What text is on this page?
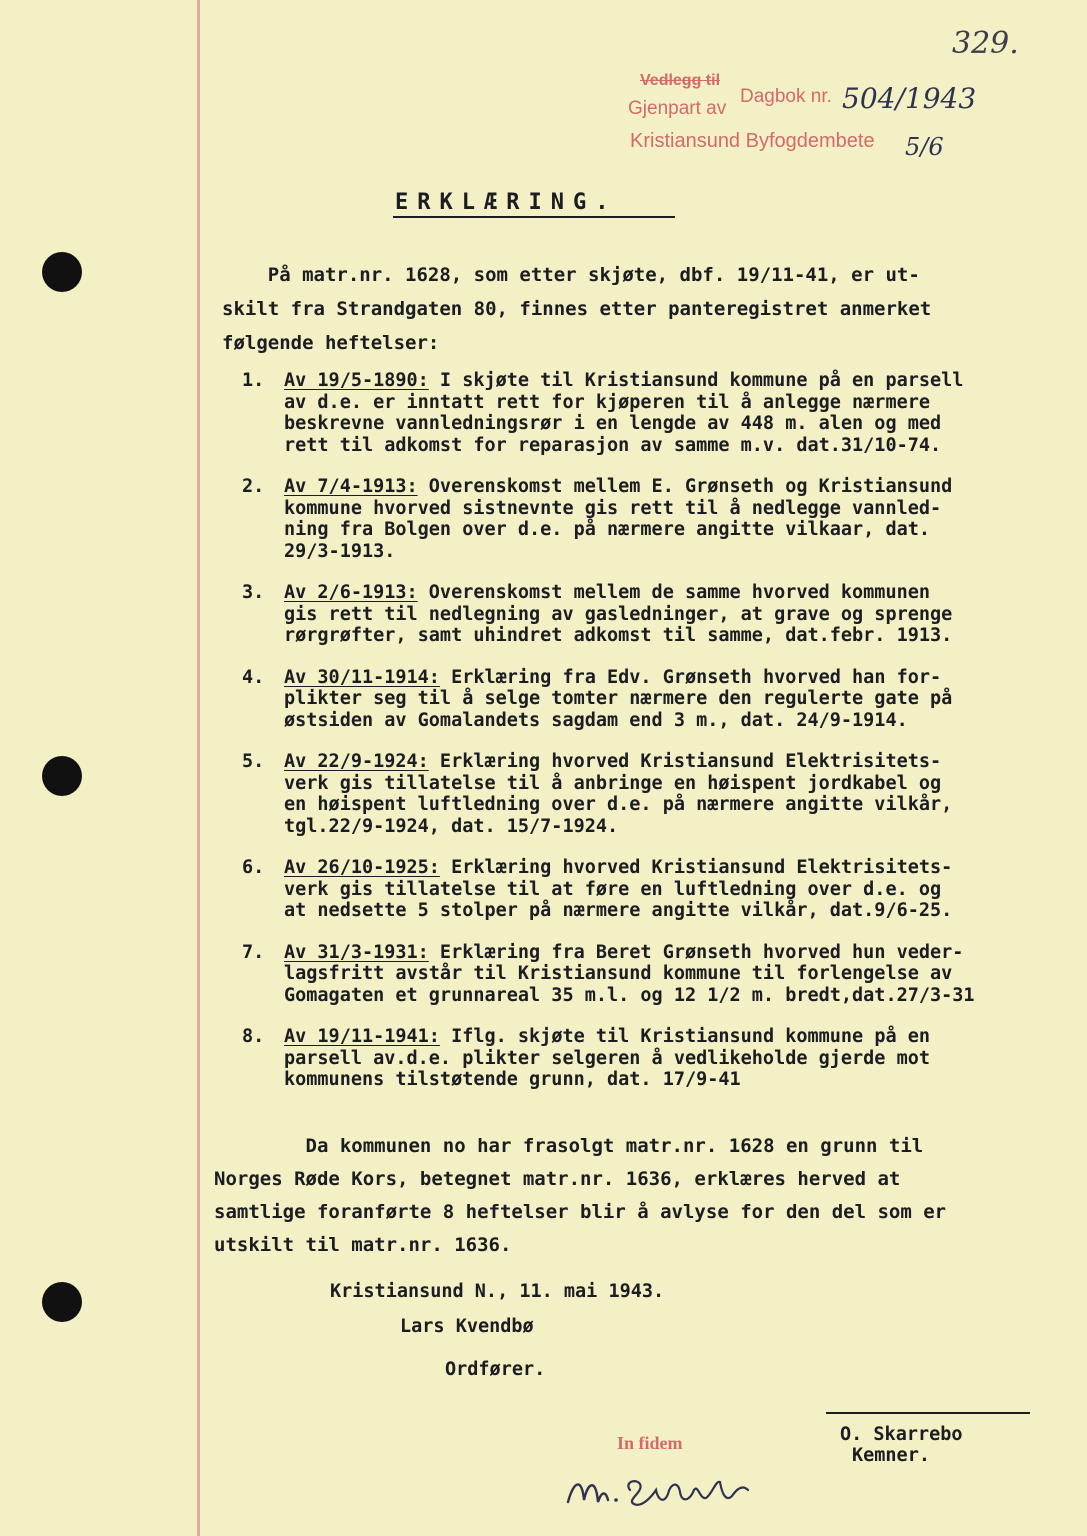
329.
Vedlegg til
Gjenpart av
Dagbok nr.
Kristiansund Byfogdembete
504/1943
5/6
ERKLÆRING.
På matr.nr. 1628, som etter skjøte, dbf. 19/11-41, er ut-
skilt fra Strandgaten 80, finnes etter panteregistret anmerket
følgende heftelser:
1. Av 19/5-1890: I skjøte til Kristiansund kommune på en parsell
av d.e. er inntatt rett for kjøperen til å anlegge nærmere
beskrevne vannledningsrør i en lengde av 448 m. alen og med
rett til adkomst for reparasjon av samme m.v. dat.31/10-74.
2. Av 7/4-1913: Overenskomst mellem E. Grønseth og Kristiansund
kommune hvorved sistnevnte gis rett til å nedlegge vannled-
ning fra Bolgen over d.e. på nærmere angitte vilkaar, dat.
29/3-1913.
3. Av 2/6-1913: Overenskomst mellem de samme hvorved kommunen
gis rett til nedlegning av gasledninger, at grave og sprenge
rørgrøfter, samt uhindret adkomst til samme, dat.febr. 1913.
4. Av 30/11-1914: Erklæring fra Edv. Grønseth hvorved han for-
plikter seg til å selge tomter nærmere den regulerte gate på
østsiden av Gomalandets sagdam end 3 m., dat. 24/9-1914.
5. Av 22/9-1924: Erklæring hvorved Kristiansund Elektrisitets-
verk gis tillatelse til å anbringe en høispent jordkabel og
en høispent luftledning over d.e. på nærmere angitte vilkår,
tgl.22/9-1924, dat. 15/7-1924.
6. Av 26/10-1925: Erklæring hvorved Kristiansund Elektrisitets-
verk gis tillatelse til at føre en luftledning over d.e. og
at nedsette 5 stolper på nærmere angitte vilkår, dat.9/6-25.
7. Av 31/3-1931: Erklæring fra Beret Grønseth hvorved hun veder-
lagsfritt avstår til Kristiansund kommune til forlengelse av
Gomagaten et grunnareal 35 m.l. og 12 1/2 m. bredt,dat.27/3-31
8. Av 19/11-1941: Iflg. skjøte til Kristiansund kommune på en
parsell av.d.e. plikter selgeren å vedlikeholde gjerde mot
kommunens tilstøtende grunn, dat. 17/9-41
Da kommunen no har frasolgt matr.nr. 1628 en grunn til
Norges Røde Kors, betegnet matr.nr. 1636, erklæres herved at
samtlige foranførte 8 heftelser blir å avlyse for den del som er
utskilt til matr.nr. 1636.
Kristiansund N., 11. mai 1943.
Lars Kvendbø
Ordfører.
O. Skarrebo
Kemner.
In fidem
